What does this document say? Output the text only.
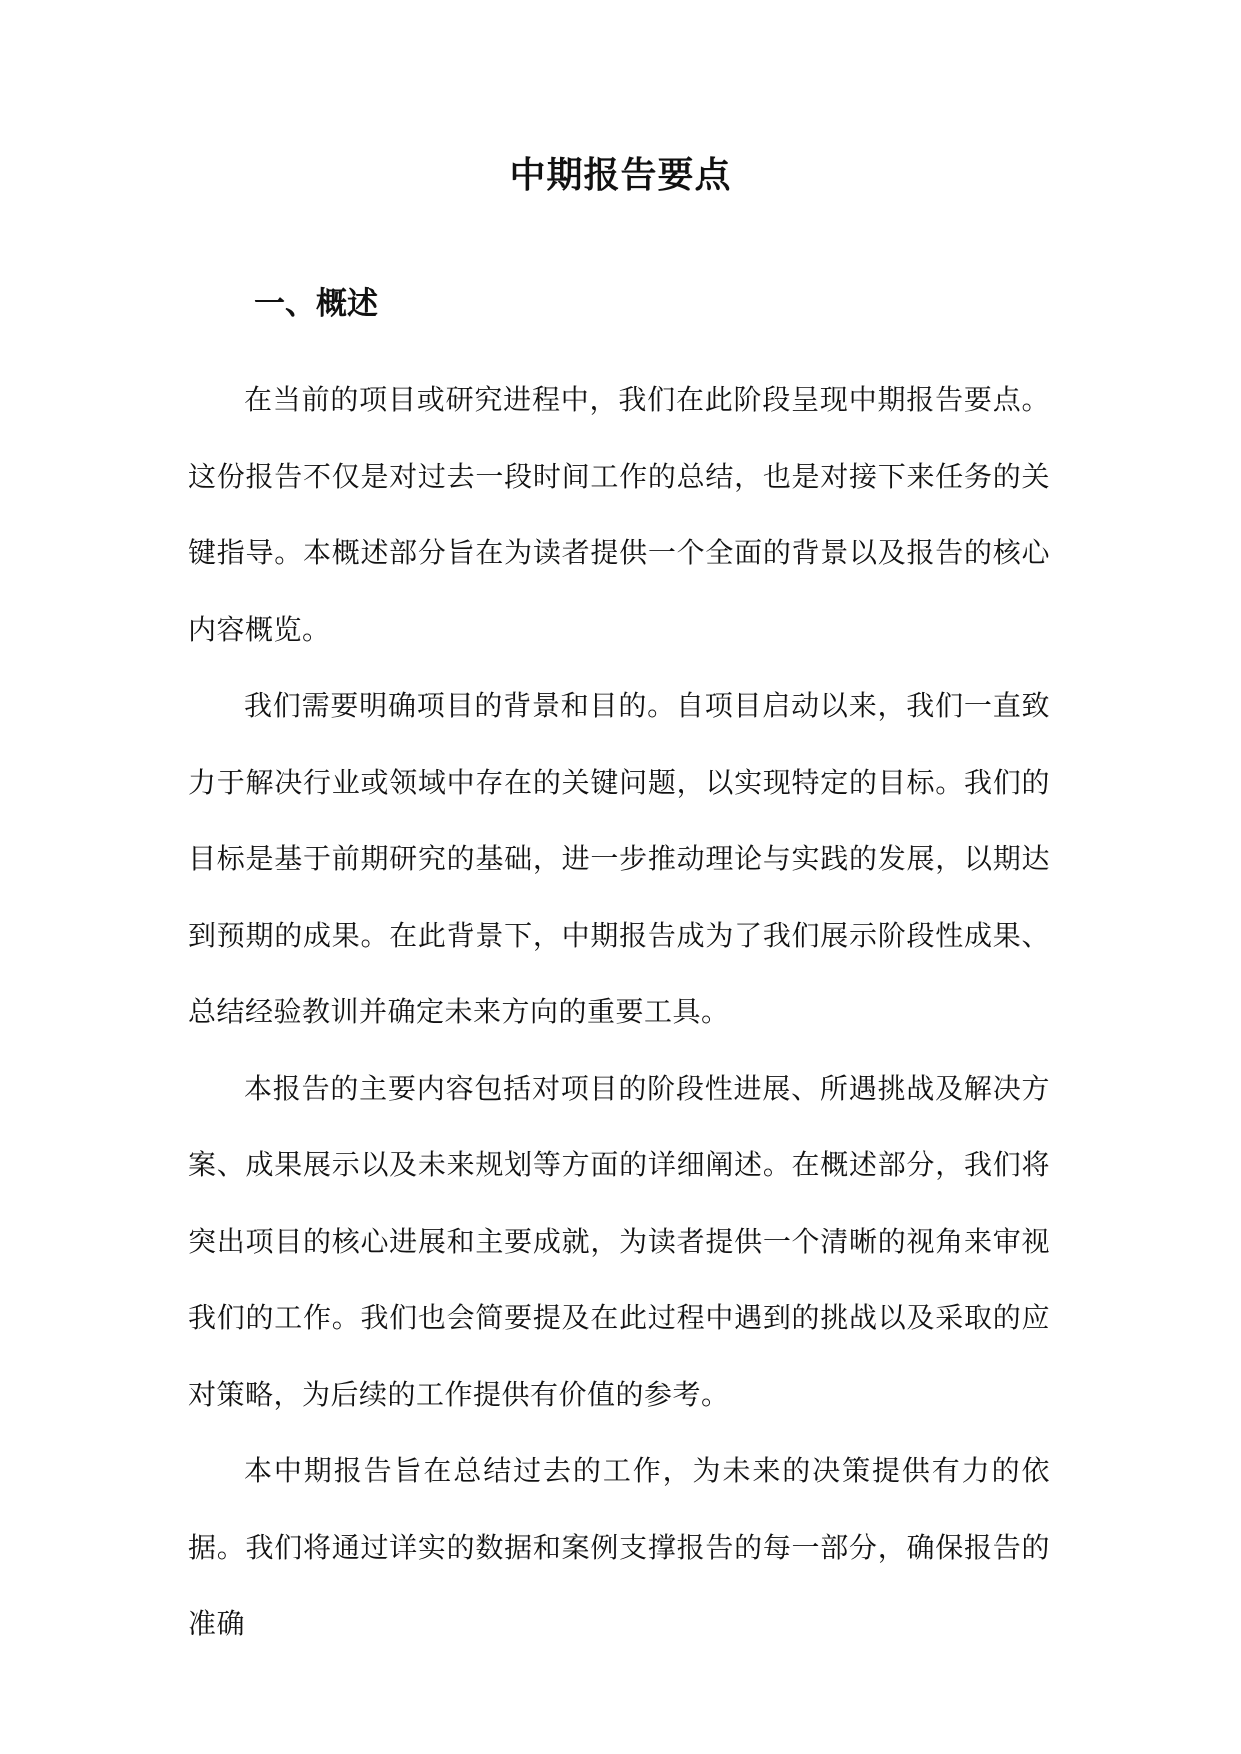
中期报告要点
一、概述

在当前的项目或研究进程中，我们在此阶段呈现中期报告要点。这份报告不仅是对过去一段时间工作的总结，也是对接下来任务的关键指导。本概述部分旨在为读者提供一个全面的背景以及报告的核心内容概览。

我们需要明确项目的背景和目的。自项目启动以来，我们一直致力于解决行业或领域中存在的关键问题，以实现特定的目标。我们的目标是基于前期研究的基础，进一步推动理论与实践的发展，以期达到预期的成果。在此背景下，中期报告成为了我们展示阶段性成果、总结经验教训并确定未来方向的重要工具。

本报告的主要内容包括对项目的阶段性进展、所遇挑战及解决方案、成果展示以及未来规划等方面的详细阐述。在概述部分，我们将突出项目的核心进展和主要成就，为读者提供一个清晰的视角来审视我们的工作。我们也会简要提及在此过程中遇到的挑战以及采取的应对策略，为后续的工作提供有价值的参考。

本中期报告旨在总结过去的工作，为未来的决策提供有力的依据。我们将通过详实的数据和案例支撑报告的每一部分，确保报告的准确
